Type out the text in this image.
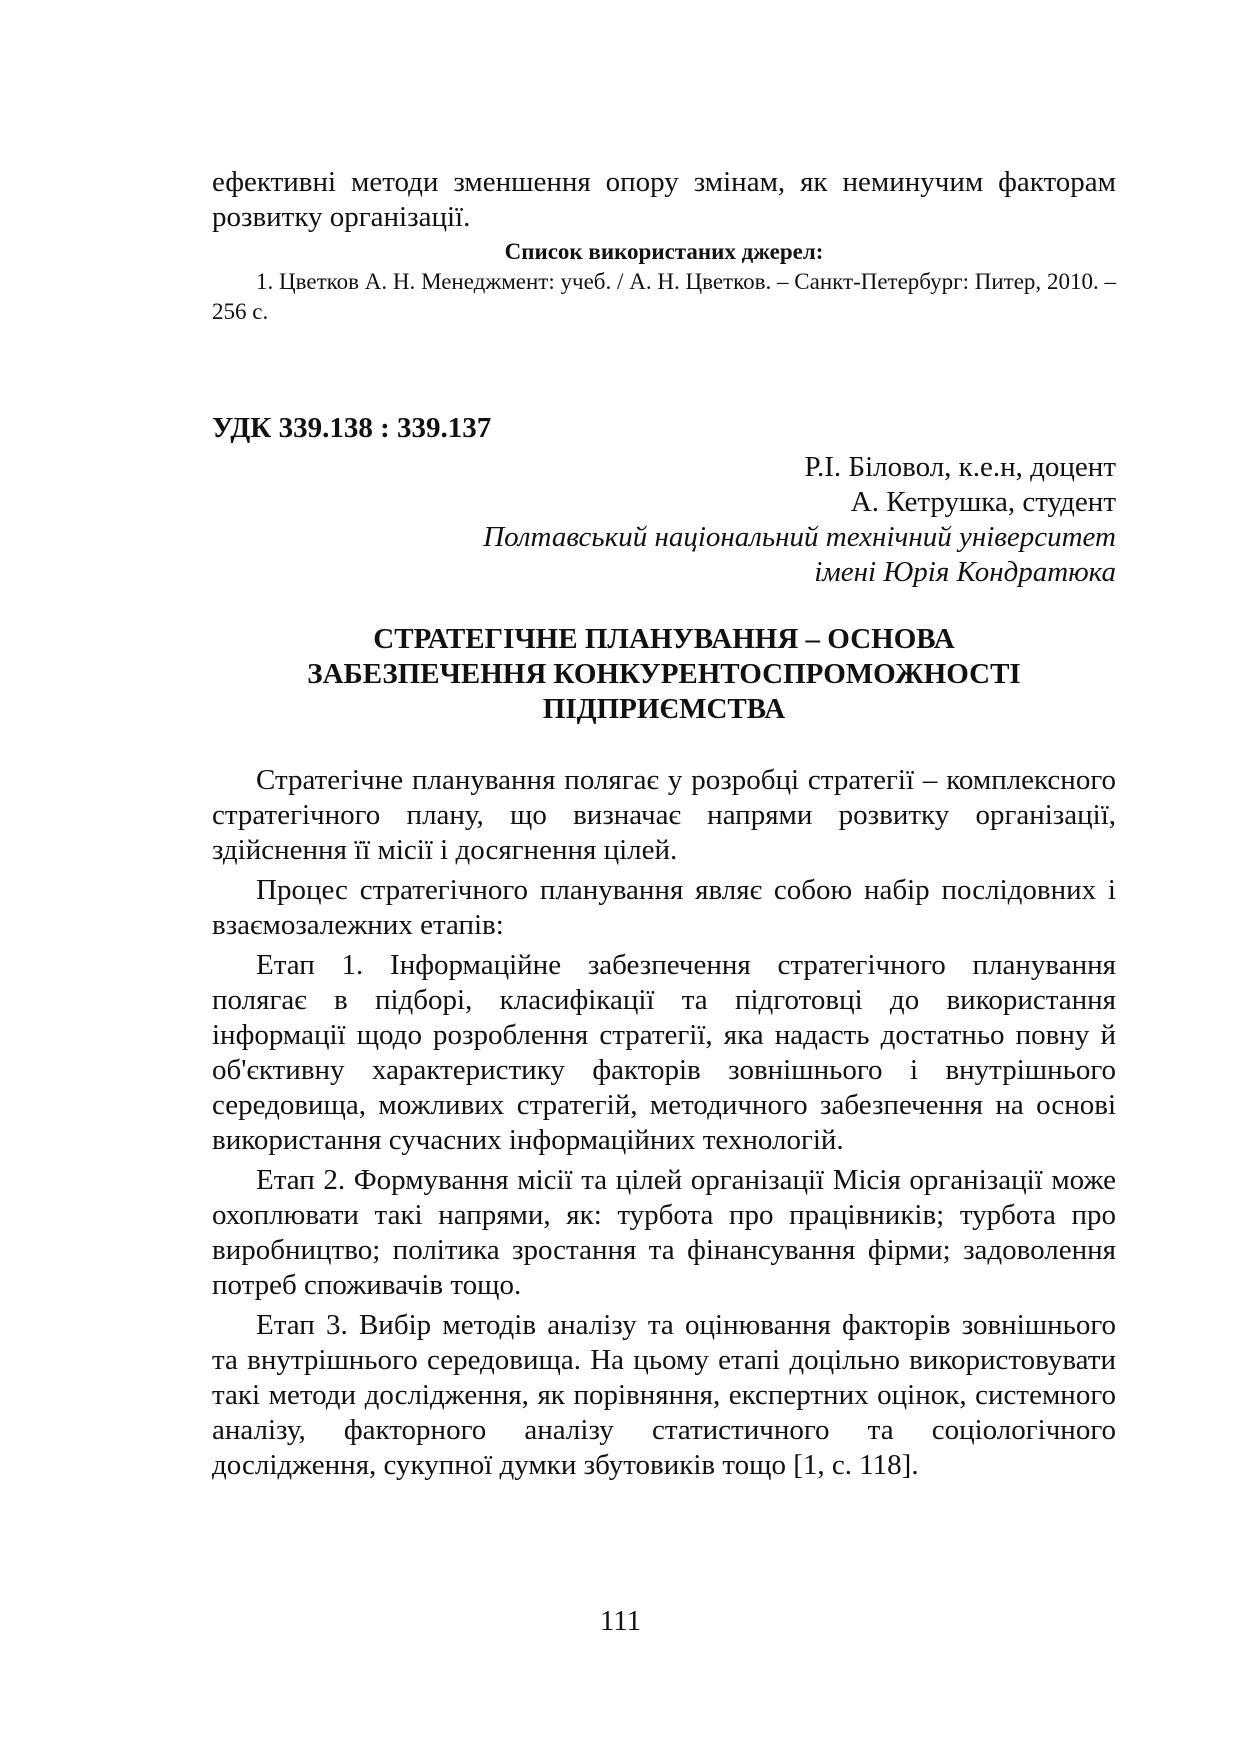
ефективні методи зменшення опору змінам, як неминучим факторам розвитку організації.

Список використаних джерел:

1. Цветков А. Н. Менеджмент: учеб. / А. Н. Цветков. – Санкт-Петербург: Питер, 2010. – 256 с.

УДК 339.138 : 339.137

Р.І. Біловол, к.е.н, доцент
А. Кетрушка, студент
Полтавський національний технічний університет
імені Юрія Кондратюка
СТРАТЕГІЧНЕ ПЛАНУВАННЯ – ОСНОВА
ЗАБЕЗПЕЧЕННЯ КОНКУРЕНТОСПРОМОЖНОСТІ
ПІДПРИЄМСТВА

Стратегічне планування полягає у розробці стратегії – комплексного стратегічного плану, що визначає напрями розвитку організації, здійснення її місії і досягнення цілей.

Процес стратегічного планування являє собою набір послідовних і взаємозалежних етапів:

Етап 1. Інформаційне забезпечення стратегічного планування полягає в підборі, класифікації та підготовці до використання інформації щодо розроблення стратегії, яка надасть достатньо повну й об'єктивну характеристику факторів зовнішнього і внутрішнього середовища, можливих стратегій, методичного забезпечення на основі використання сучасних інформаційних технологій.

Етап 2. Формування місії та цілей організації Місія організації може охоплювати такі напрями, як: турбота про працівників; турбота про виробництво; політика зростання та фінансування фірми; задоволення потреб споживачів тощо.

Етап 3. Вибір методів аналізу та оцінювання факторів зовнішнього та внутрішнього середовища. На цьому етапі доцільно використовувати такі методи дослідження, як порівняння, експертних оцінок, системного аналізу, факторного аналізу статистичного та соціологічного дослідження, сукупної думки збутовиків тощо [1, с. 118].

111
